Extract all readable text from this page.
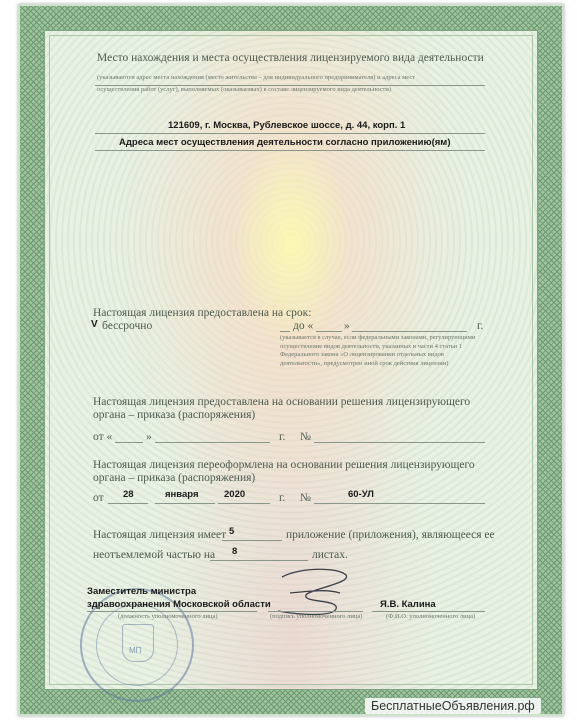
Место нахождения и места осуществления лицензируемого вида деятельности
(указываются адрес места нахождения (место жительства – для индивидуального предпринимателя) и адреса мест
осуществления работ (услуг), выполняемых (оказываемых) в составе лицензируемого вида деятельности)
121609, г. Москва, Рублевское шоссе, д. 44, корп. 1
Адреса мест осуществления деятельности согласно приложению(ям)
Настоящая лицензия предоставлена на срок:
V бессрочно	до «	»	г.
(указывается в случае, если федеральными законами, регулирующими осуществление видов деятельности, указанных в части 4 статьи 1 Федерального закона «О лицензировании отдельных видов деятельности», предусмотрен иной срок действия лицензии)
Настоящая лицензия предоставлена на основании решения лицензирующего
органа – приказа (распоряжения)
от «	»	г. №
Настоящая лицензия переоформлена на основании решения лицензирующего
органа – приказа (распоряжения)
от 28	января	2020	г. №	60-УЛ
Настоящая лицензия имеет 5	приложение (приложения), являющееся ее
неотъемлемой частью на 8	листах.
МП
Заместитель министра
здравоохранения Московской области
(должность уполномоченного лица)	(подпись уполномоченного лица)
Я.В. Калина
(Ф.И.О. уполномоченного лица)
БесплатныеОбъявления.рф
